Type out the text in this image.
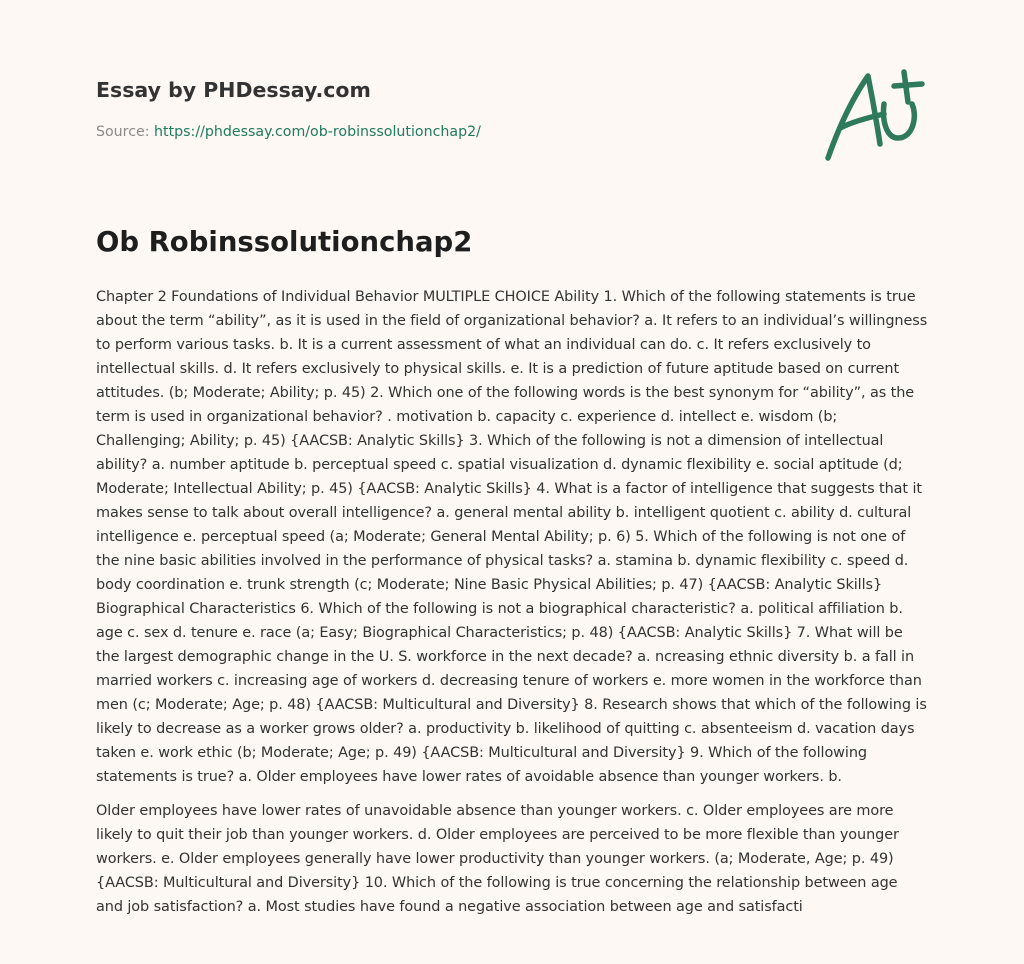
Essay by PHDessay.com
Source: https://phdessay.com/ob-robinssolutionchap2/
Ob Robinssolutionchap2

Chapter 2 Foundations of Individual Behavior MULTIPLE CHOICE Ability 1. Which of the following statements is true about the term “ability”, as it is used in the field of organizational behavior? a. It refers to an individual’s willingness to perform various tasks. b. It is a current assessment of what an individual can do. c. It refers exclusively to intellectual skills. d. It refers exclusively to physical skills. e. It is a prediction of future aptitude based on current attitudes. (b; Moderate; Ability; p. 45) 2. Which one of the following words is the best synonym for “ability”, as the term is used in organizational behavior? . motivation b. capacity c. experience d. intellect e. wisdom (b; Challenging; Ability; p. 45) {AACSB: Analytic Skills} 3. Which of the following is not a dimension of intellectual ability? a. number aptitude b. perceptual speed c. spatial visualization d. dynamic flexibility e. social aptitude (d; Moderate; Intellectual Ability; p. 45) {AACSB: Analytic Skills} 4. What is a factor of intelligence that suggests that it makes sense to talk about overall intelligence? a. general mental ability b. intelligent quotient c. ability d. cultural intelligence e. perceptual speed (a; Moderate; General Mental Ability; p. 6) 5. Which of the following is not one of the nine basic abilities involved in the performance of physical tasks? a. stamina b. dynamic flexibility c. speed d. body coordination e. trunk strength (c; Moderate; Nine Basic Physical Abilities; p. 47) {AACSB: Analytic Skills} Biographical Characteristics 6. Which of the following is not a biographical characteristic? a. political affiliation b. age c. sex d. tenure e. race (a; Easy; Biographical Characteristics; p. 48) {AACSB: Analytic Skills} 7. What will be the largest demographic change in the U. S. workforce in the next decade? a. ncreasing ethnic diversity b. a fall in married workers c. increasing age of workers d. decreasing tenure of workers e. more women in the workforce than men (c; Moderate; Age; p. 48) {AACSB: Multicultural and Diversity} 8. Research shows that which of the following is likely to decrease as a worker grows older? a. productivity b. likelihood of quitting c. absenteeism d. vacation days taken e. work ethic (b; Moderate; Age; p. 49) {AACSB: Multicultural and Diversity} 9. Which of the following statements is true? a. Older employees have lower rates of avoidable absence than younger workers. b.

Older employees have lower rates of unavoidable absence than younger workers. c. Older employees are more likely to quit their job than younger workers. d. Older employees are perceived to be more flexible than younger workers. e. Older employees generally have lower productivity than younger workers. (a; Moderate, Age; p. 49) {AACSB: Multicultural and Diversity} 10. Which of the following is true concerning the relationship between age and job satisfaction? a. Most studies have found a negative association between age and satisfacti
